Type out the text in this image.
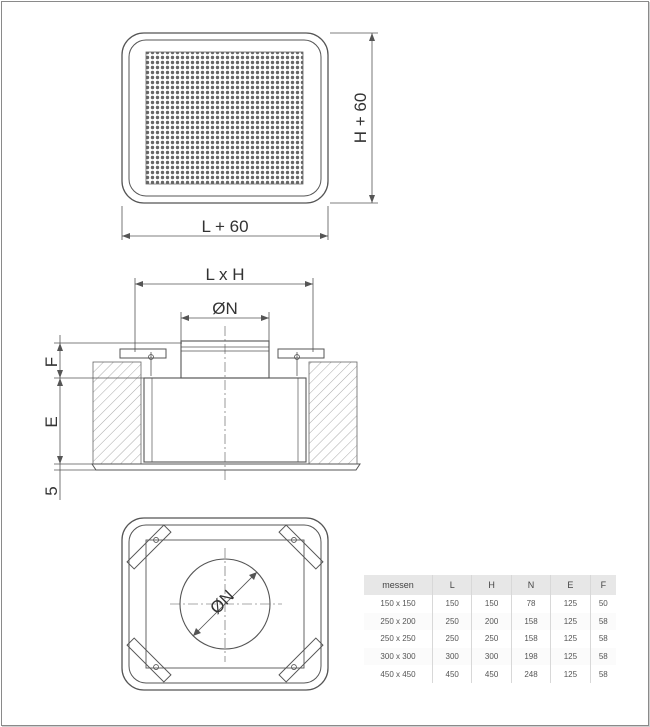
L + 60
H + 60
L x H
ØN
F
E
5
ØN
messen	L	H	N	E	F
150 x 150	150	150	78	125	50
250 x 200	250	200	158	125	58
250 x 250	250	250	158	125	58
300 x 300	300	300	198	125	58
450 x 450	450	450	248	125	58
